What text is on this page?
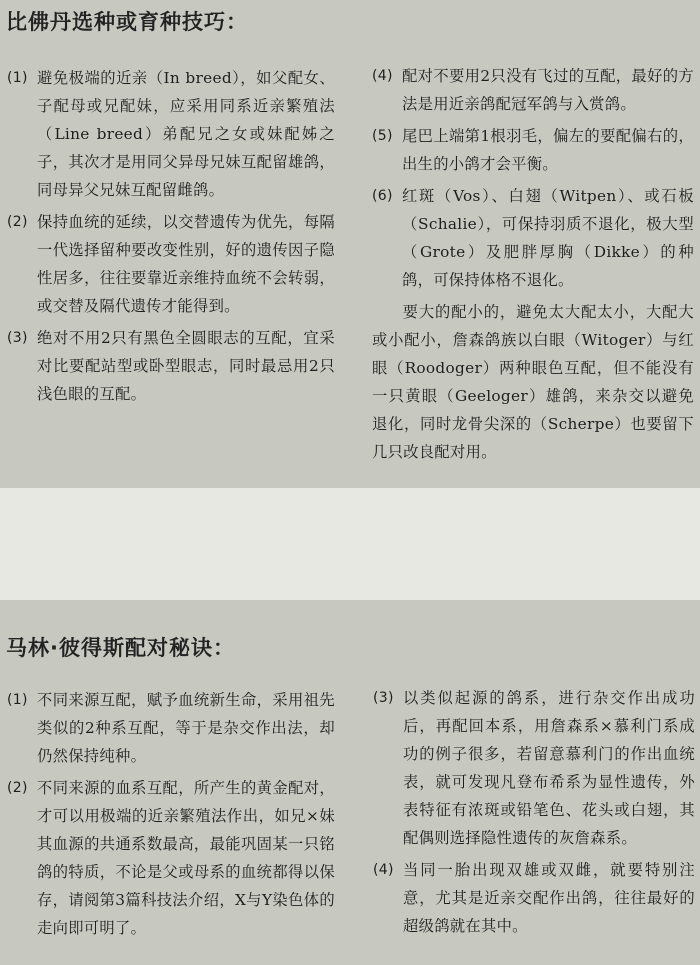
比佛丹选种或育种技巧：
(1) 避免极端的近亲（In breed），如父配女、子配母或兄配妹，应采用同系近亲繁殖法（Line breed）弟配兄之女或妹配姊之子，其次才是用同父异母兄妹互配留雄鸽，同母异父兄妹互配留雌鸽。
(2) 保持血统的延续，以交替遗传为优先，每隔一代选择留种要改变性别，好的遗传因子隐性居多，往往要靠近亲维持血统不会转弱，或交替及隔代遗传才能得到。
(3) 绝对不用2只有黑色全圆眼志的互配，宜采对比要配站型或卧型眼志，同时最忌用2只浅色眼的互配。
(4) 配对不要用2只没有飞过的互配，最好的方法是用近亲鸽配冠军鸽与入赏鸽。
(5) 尾巴上端第1根羽毛，偏左的要配偏右的，出生的小鸽才会平衡。
(6) 红斑（Vos）、白翅（Witpen）、或石板（Schalie），可保持羽质不退化，极大型（Grote）及肥胖厚胸（Dikke）的种鸽，可保持体格不退化。

要大的配小的，避免太大配太小，大配大或小配小，詹森鸽族以白眼（Witoger）与红眼（Roodoger）两种眼色互配，但不能没有一只黄眼（Geeloger）雄鸽，来杂交以避免退化，同时龙骨尖深的（Scherpe）也要留下几只改良配对用。

马林·彼得斯配对秘诀：
(1) 不同来源互配，赋予血统新生命，采用祖先类似的2种系互配，等于是杂交作出法，却仍然保持纯种。
(2) 不同来源的血系互配，所产生的黄金配对，才可以用极端的近亲繁殖法作出，如兄×妹其血源的共通系数最高，最能巩固某一只铭鸽的特质，不论是父或母系的血统都得以保存，请阅第3篇科技法介绍，X与Y染色体的走向即可明了。
(3) 以类似起源的鸽系，进行杂交作出成功后，再配回本系，用詹森系×慕利门系成功的例子很多，若留意慕利门的作出血统表，就可发现凡登布希系为显性遗传，外表特征有浓斑或铅笔色、花头或白翅，其配偶则选择隐性遗传的灰詹森系。
(4) 当同一胎出现双雄或双雌，就要特别注意，尤其是近亲交配作出鸽，往往最好的超级鸽就在其中。
